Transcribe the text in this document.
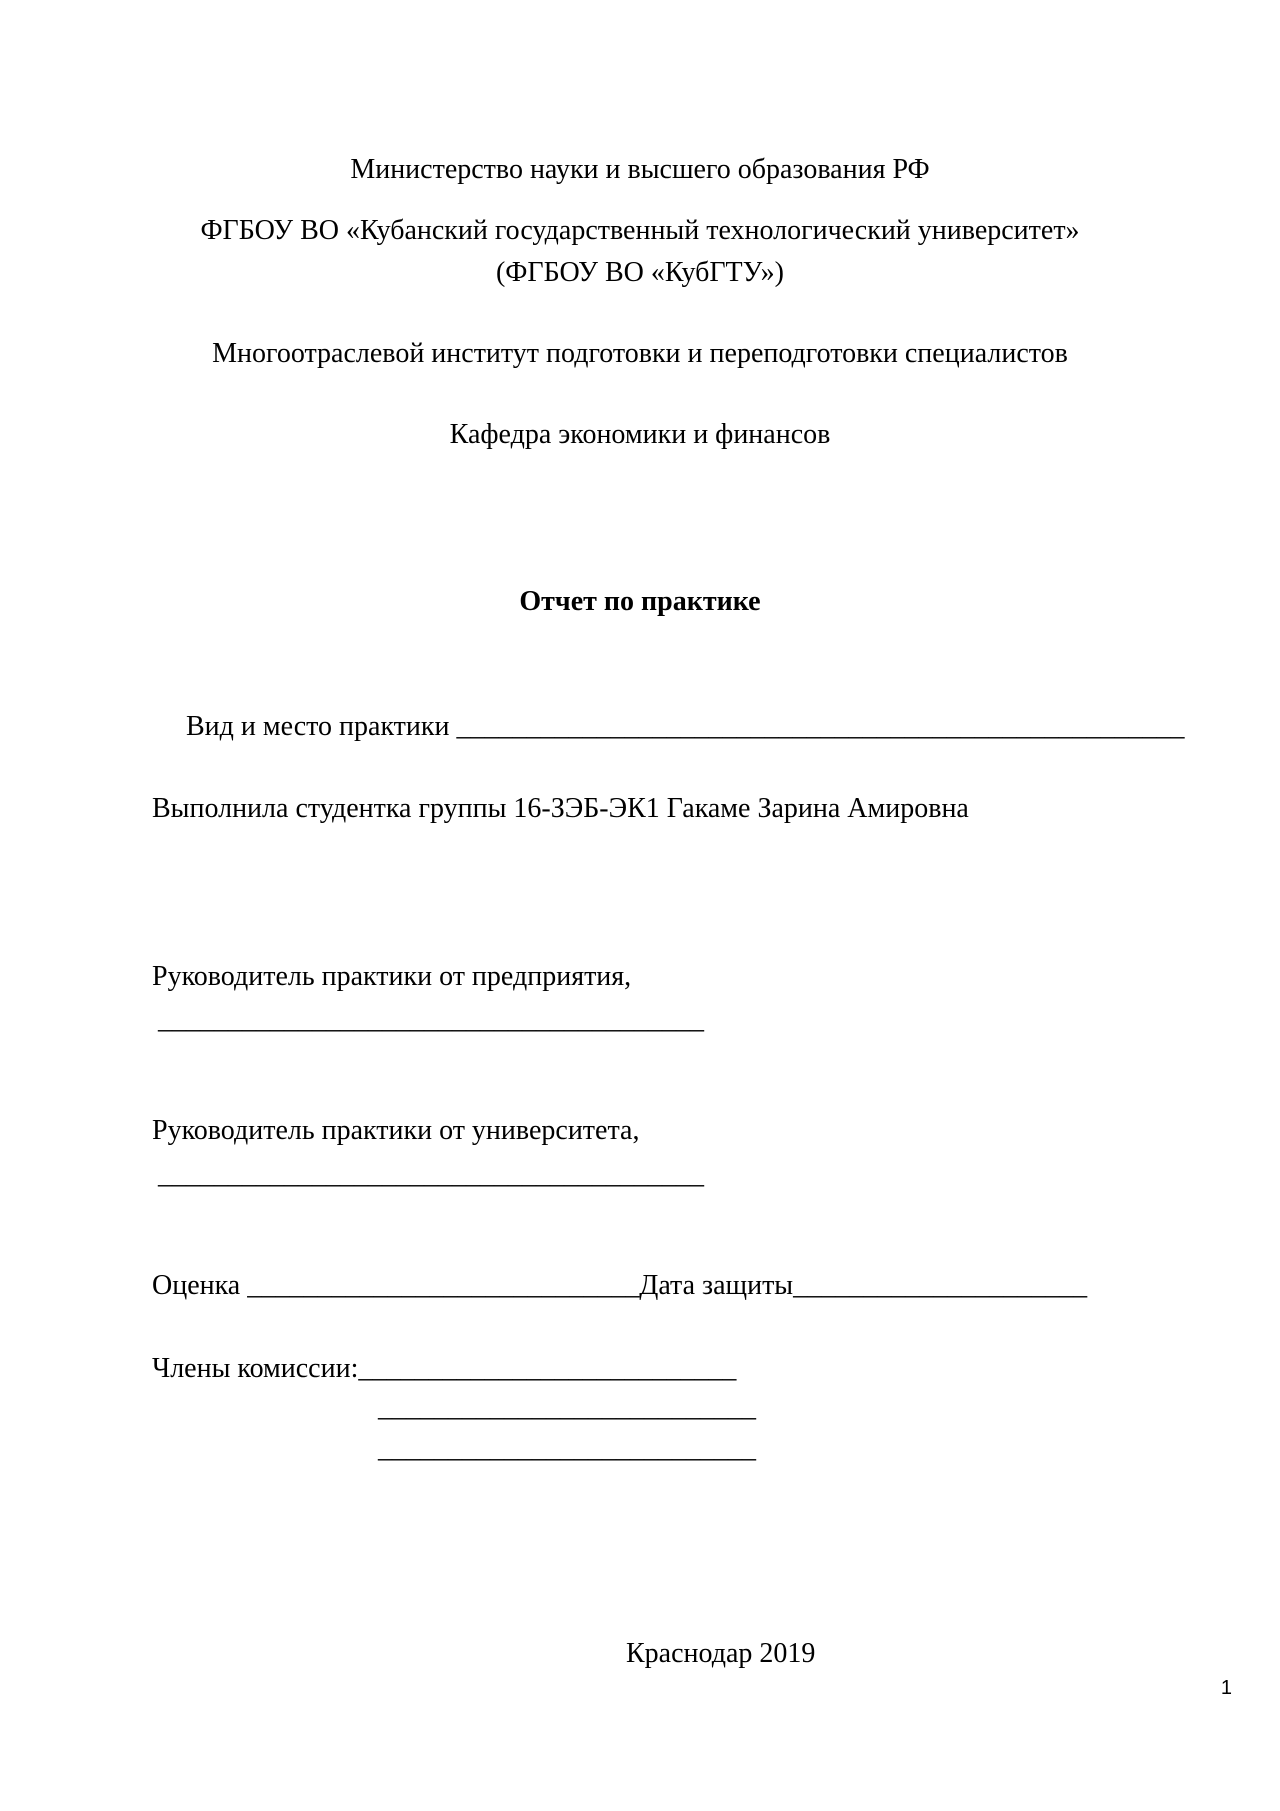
Министерство науки и высшего образования РФ
ФГБОУ ВО «Кубанский государственный технологический университет»
(ФГБОУ ВО «КубГТУ»)
Многоотраслевой институт подготовки и переподготовки специалистов
Кафедра экономики и финансов
Отчет по практике
Вид и место практики ____________________________________________________
Выполнила студентка группы 16-ЗЭБ-ЭК1 Гакаме Зарина Амировна
Руководитель практики от предприятия,
_______________________________________
Руководитель практики от университета,
_______________________________________
Оценка ____________________________Дата защиты_____________________
Члены комиссии:___________________________
___________________________
___________________________
Краснодар 2019
1
